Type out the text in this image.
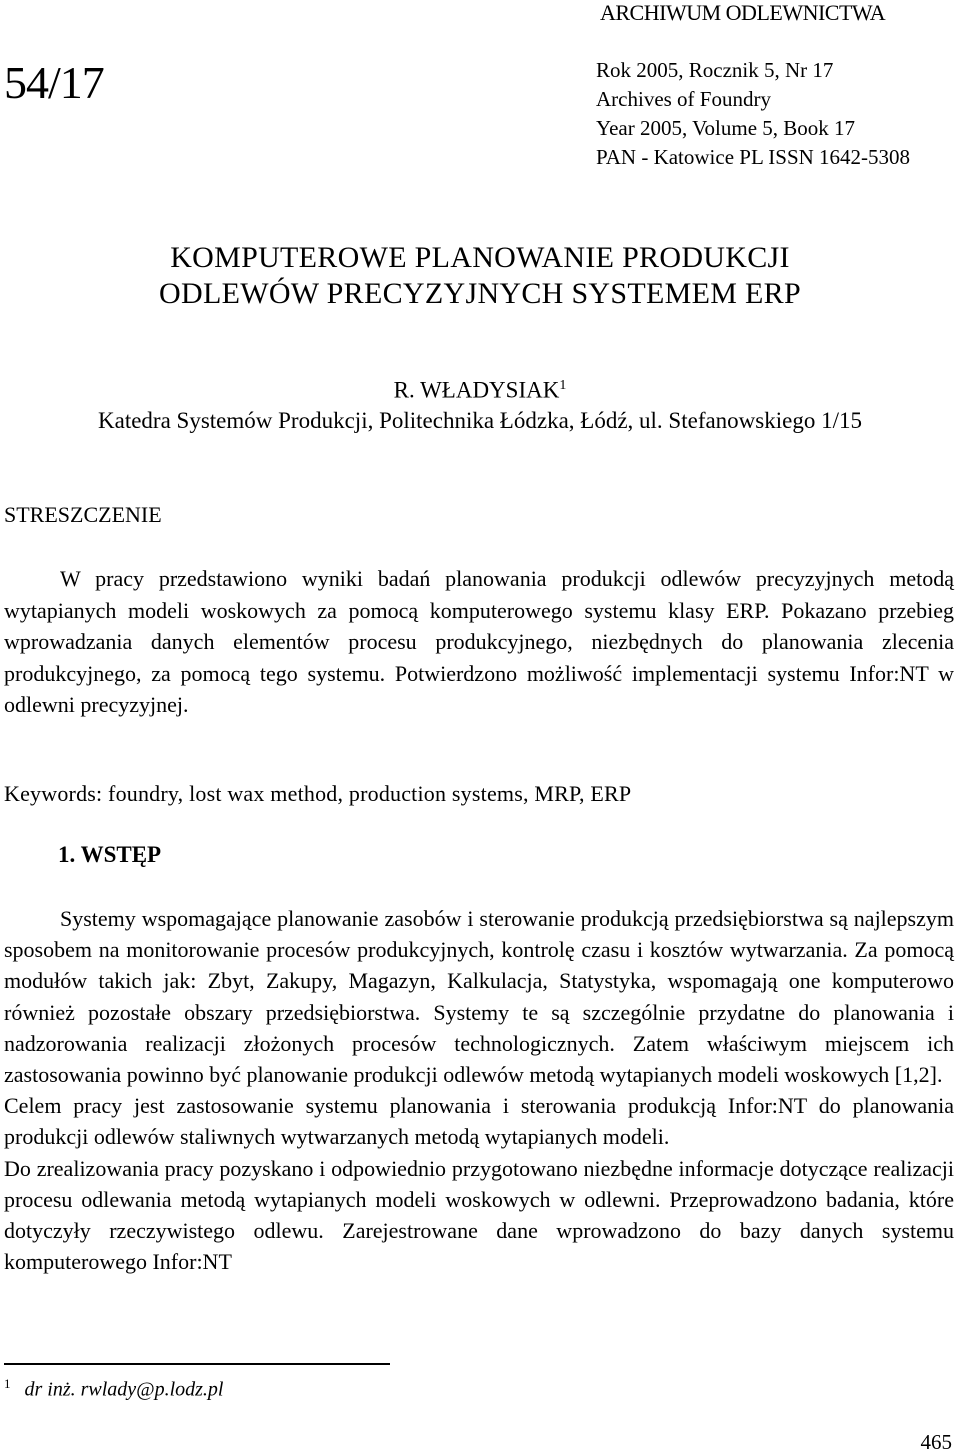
ARCHIWUM ODLEWNICTWA
54/17	Rok 2005, Rocznik 5, Nr 17
Archives of Foundry
Year 2005, Volume 5, Book 17
PAN - Katowice PL ISSN 1642-5308
KOMPUTEROWE PLANOWANIE PRODUKCJI
ODLEWÓW PRECYZYJNYCH SYSTEMEM ERP
R. WŁADYSIAK$^1$
Katedra Systemów Produkcji, Politechnika Łódzka, Łódź, ul. Stefanowskiego 1/15
STRESZCZENIE
W pracy przedstawiono wyniki badań planowania produkcji odlewów precyzyjnych metodą wytapianych modeli woskowych za pomocą komputerowego systemu klasy ERP. Pokazano przebieg wprowadzania danych elementów procesu produkcyjnego, niezbędnych do planowania zlecenia produkcyjnego, za pomocą tego systemu. Potwierdzono możliwość implementacji systemu Infor:NT w odlewni precyzyjnej.
Keywords: foundry, lost wax method, production systems, MRP, ERP
1. WSTĘP

Systemy wspomagające planowanie zasobów i sterowanie produkcją przedsiębiorstwa są najlepszym sposobem na monitorowanie procesów produkcyjnych, kontrolę czasu i kosztów wytwarzania. Za pomocą modułów takich jak: Zbyt, Zakupy, Magazyn, Kalkulacja, Statystyka, wspomagają one komputerowo również pozostałe obszary przedsiębiorstwa. Systemy te są szczególnie przydatne do planowania i nadzorowania realizacji złożonych procesów technologicznych. Zatem właściwym miejscem ich zastosowania powinno być planowanie produkcji odlewów metodą wytapianych modeli woskowych [1,2].

Celem pracy jest zastosowanie systemu planowania i sterowania produkcją Infor:NT do planowania produkcji odlewów staliwnych wytwarzanych metodą wytapianych modeli.

Do zrealizowania pracy pozyskano i odpowiednio przygotowano niezbędne informacje dotyczące realizacji procesu odlewania metodą wytapianych modeli woskowych w odlewni. Przeprowadzono badania, które dotyczyły rzeczywistego odlewu. Zarejestrowane dane wprowadzono do bazy danych systemu komputerowego Infor:NT

$^1$ dr inż. rwlady@p.lodz.pl
465
